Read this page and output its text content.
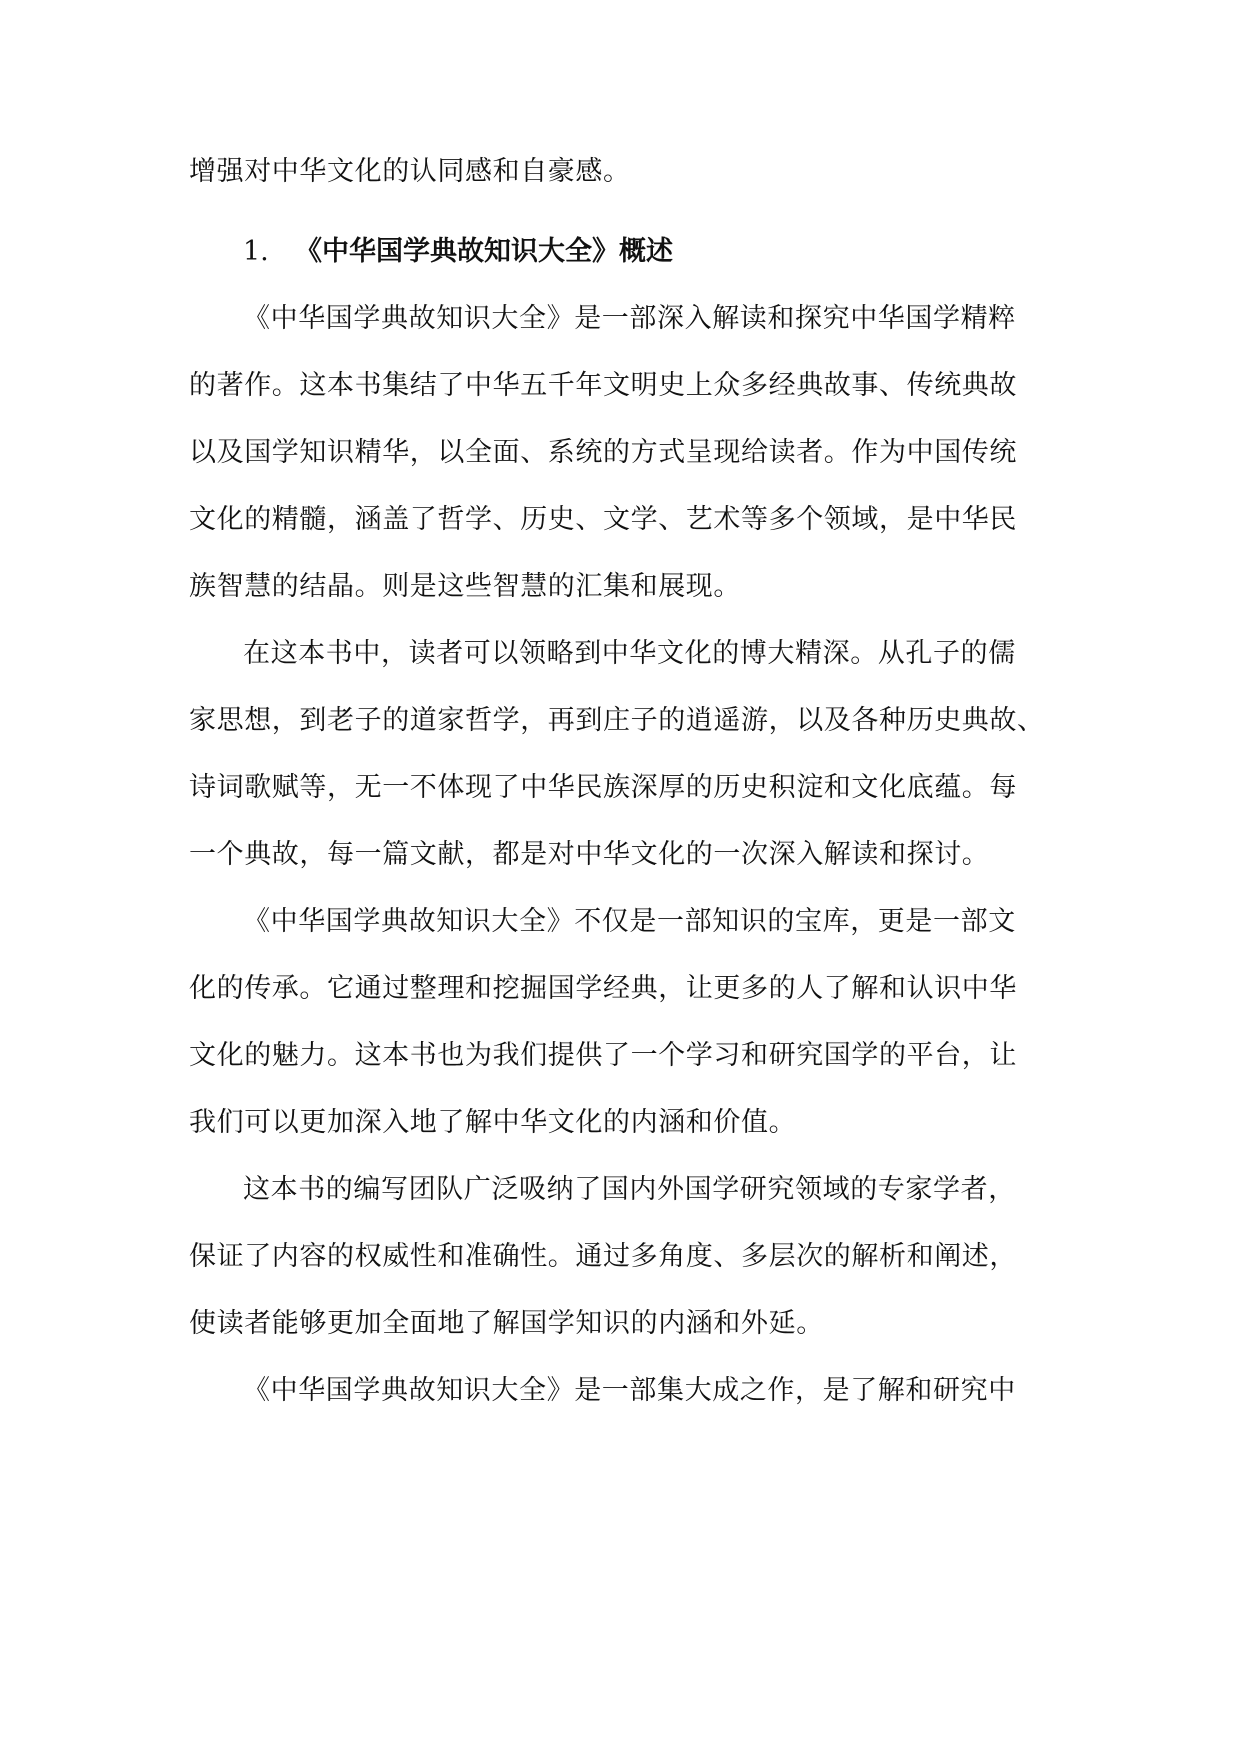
增强对中华文化的认同感和自豪感。
1. 《中华国学典故知识大全》概述
《中华国学典故知识大全》是一部深入解读和探究中华国学精粹
的著作。这本书集结了中华五千年文明史上众多经典故事、传统典故
以及国学知识精华，以全面、系统的方式呈现给读者。作为中国传统
文化的精髓，涵盖了哲学、历史、文学、艺术等多个领域，是中华民
族智慧的结晶。则是这些智慧的汇集和展现。
在这本书中，读者可以领略到中华文化的博大精深。从孔子的儒
家思想，到老子的道家哲学，再到庄子的逍遥游，以及各种历史典故、
诗词歌赋等，无一不体现了中华民族深厚的历史积淀和文化底蕴。每
一个典故，每一篇文献，都是对中华文化的一次深入解读和探讨。
《中华国学典故知识大全》不仅是一部知识的宝库，更是一部文
化的传承。它通过整理和挖掘国学经典，让更多的人了解和认识中华
文化的魅力。这本书也为我们提供了一个学习和研究国学的平台，让
我们可以更加深入地了解中华文化的内涵和价值。
这本书的编写团队广泛吸纳了国内外国学研究领域的专家学者，
保证了内容的权威性和准确性。通过多角度、多层次的解析和阐述，
使读者能够更加全面地了解国学知识的内涵和外延。
《中华国学典故知识大全》是一部集大成之作，是了解和研究中
